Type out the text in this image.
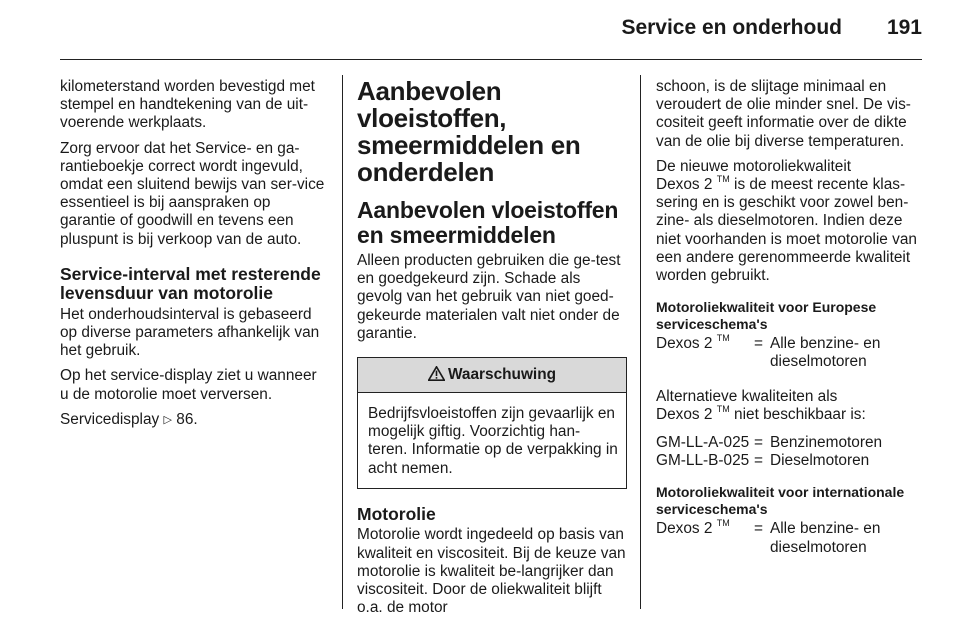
Service en onderhoud 191

kilometerstand worden bevestigd met stempel en handtekening van de uit-voerende werkplaats.

Zorg ervoor dat het Service- en ga-rantieboekje correct wordt ingevuld, omdat een sluitend bewijs van ser-vice essentieel is bij aanspraken op garantie of goodwill en tevens een pluspunt is bij verkoop van de auto.

Service-interval met resterende levensduur van motorolie

Het onderhoudsinterval is gebaseerd op diverse parameters afhankelijk van het gebruik.

Op het service-display ziet u wanneer u de motorolie moet verversen.

Servicedisplay ▷ 86.

Aanbevolen vloeistoffen, smeermiddelen en onderdelen
Aanbevolen vloeistoffen en smeermiddelen

Alleen producten gebruiken die ge-test en goedgekeurd zijn. Schade als gevolg van het gebruik van niet goed-gekeurde materialen valt niet onder de garantie.

Waarschuwing
Bedrijfsvloeistoffen zijn gevaarlijk en mogelijk giftig. Voorzichtig han-teren. Informatie op de verpakking in acht nemen.
Motorolie

Motorolie wordt ingedeeld op basis van kwaliteit en viscositeit. Bij de keuze van motorolie is kwaliteit be-langrijker dan viscositeit. Door de oliekwaliteit blijft o.a. de motor

schoon, is de slijtage minimaal en veroudert de olie minder snel. De vis-cositeit geeft informatie over de dikte van de olie bij diverse temperaturen.

De nieuwe motoroliekwaliteit
Dexos 2 ™ is de meest recente klas-sering en is geschikt voor zowel ben-zine- als dieselmotoren. Indien deze niet voorhanden is moet motorolie van een andere gerenommeerde kwaliteit worden gebruikt.

Motoroliekwaliteit voor Europese serviceschema's
Dexos 2 ™	= Alle benzine- en dieselmotoren

Alternatieve kwaliteiten als
Dexos 2 ™ niet beschikbaar is:

GM-LL-A-025 = Benzinemotoren
GM-LL-B-025 = Dieselmotoren
Motoroliekwaliteit voor internationale serviceschema's
Dexos 2 ™	= Alle benzine- en dieselmotoren
